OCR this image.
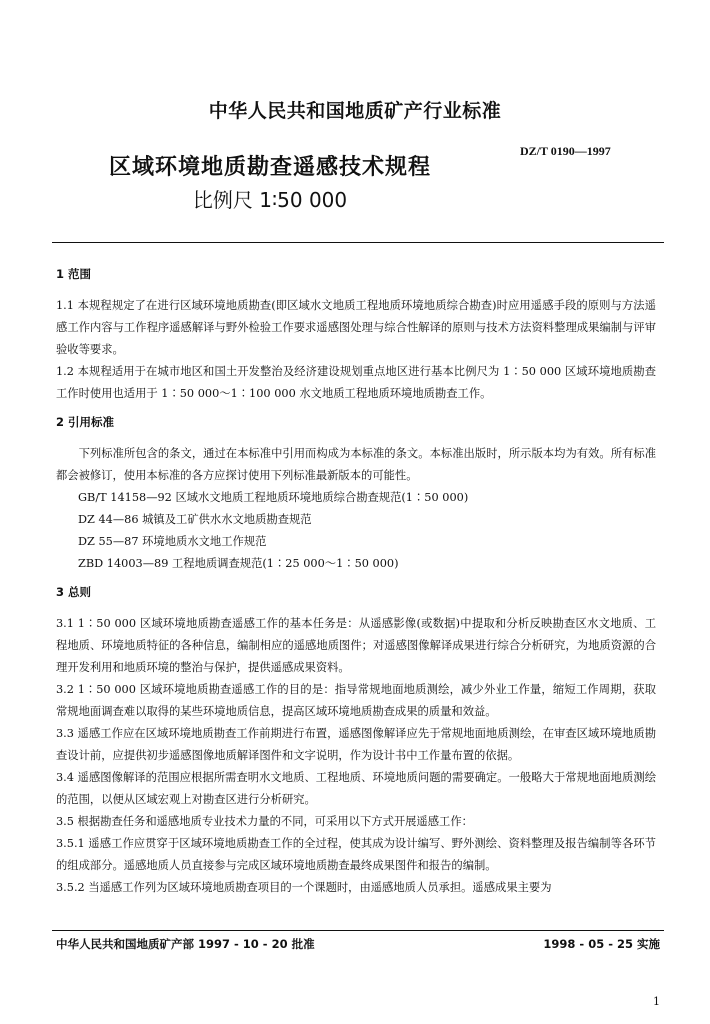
中华人民共和国地质矿产行业标准
DZ/T 0190—1997
区域环境地质勘查遥感技术规程
比例尺 1∶50 000
1 范围

1.1 本规程规定了在进行区域环境地质勘查(即区域水文地质工程地质环境地质综合勘查)时应用遥感手段的原则与方法遥感工作内容与工作程序遥感解译与野外检验工作要求遥感图处理与综合性解译的原则与技术方法资料整理成果编制与评审验收等要求。

1.2 本规程适用于在城市地区和国土开发整治及经济建设规划重点地区进行基本比例尺为 1∶50 000 区域环境地质勘查工作时使用也适用于 1∶50 000～1∶100 000 水文地质工程地质环境地质勘查工作。

2 引用标准

下列标准所包含的条文，通过在本标准中引用而构成为本标准的条文。本标准出版时，所示版本均为有效。所有标准都会被修订，使用本标准的各方应探讨使用下列标准最新版本的可能性。

GB/T 14158—92 区域水文地质工程地质环境地质综合勘查规范(1∶50 000)
DZ 44—86 城镇及工矿供水水文地质勘查规范
DZ 55—87 环境地质水文地工作规范
ZBD 14003—89 工程地质调查规范(1∶25 000～1∶50 000)
3 总则

3.1 1∶50 000 区域环境地质勘查遥感工作的基本任务是：从遥感影像(或数据)中提取和分析反映勘查区水文地质、工程地质、环境地质特征的各种信息，编制相应的遥感地质图件；对遥感图像解译成果进行综合分析研究，为地质资源的合理开发利用和地质环境的整治与保护，提供遥感成果资料。

3.2 1∶50 000 区域环境地质勘查遥感工作的目的是：指导常规地面地质测绘，减少外业工作量，缩短工作周期，获取常规地面调查难以取得的某些环境地质信息，提高区域环境地质勘查成果的质量和效益。

3.3 遥感工作应在区域环境地质勘查工作前期进行布置，遥感图像解译应先于常规地面地质测绘，在审查区域环境地质勘查设计前，应提供初步遥感图像地质解译图件和文字说明，作为设计书中工作量布置的依据。

3.4 遥感图像解译的范围应根据所需查明水文地质、工程地质、环境地质问题的需要确定。一般略大于常规地面地质测绘的范围，以便从区域宏观上对勘查区进行分析研究。

3.5 根据勘查任务和遥感地质专业技术力量的不同，可采用以下方式开展遥感工作：

3.5.1 遥感工作应贯穿于区域环境地质勘查工作的全过程，使其成为设计编写、野外测绘、资料整理及报告编制等各环节的组成部分。遥感地质人员直接参与完成区域环境地质勘查最终成果图件和报告的编制。

3.5.2 当遥感工作列为区域环境地质勘查项目的一个课题时，由遥感地质人员承担。遥感成果主要为

中华人民共和国地质矿产部 1997 - 10 - 20 批准	1998 - 05 - 25 实施
1
